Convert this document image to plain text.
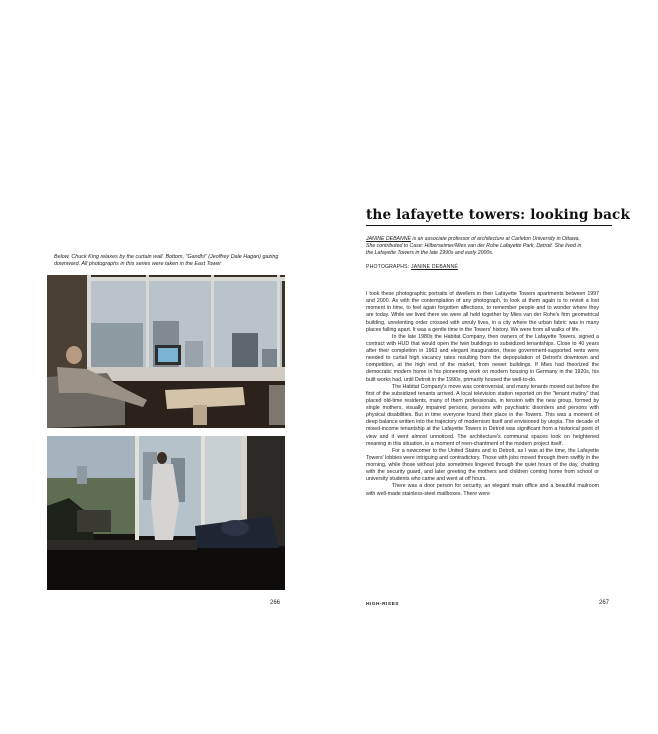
Below, Chuck King relaxes by the curtain wall. Bottom, "Gandhi" (Jeoffrey Dale Hagan) gazing downward. All photographs in this series were taken in the East Tower
266
the lafayette towers: looking back
JANINE DEBANNÉ is an associate professor of architecture at Carleton University in Ottawa. She contributed to Case: Hilberseimer/Mies van der Rohe Lafayette Park, Detroit. She lived in the Lafayette Towers in the late 1990s and early 2000s.
PHOTOGRAPHS: JANINE DEBANNÉ

I took these photographic portraits of dwellers in their Lafayette Towers apartments between 1997 and 2000. As with the contemplation of any photograph, to look at them again is to revisit a lost moment in time, to feel again forgotten affections, to remember people and to wonder where they are today. While we lived there we were all held together by Mies van der Rohe's firm geometrical building, unrelenting order crossed with unruly lives, in a city where the urban fabric was in many places falling apart. It was a gentle time in the Towers' history. We were from all walks of life.

In the late 1980s the Habitat Company, then owners of the Lafayette Towers, signed a contract with HUD that would open the twin buildings to subsidized tenantships. Close to 40 years after their completion in 1963 and elegant inauguration, these government-supported rents were needed to curtail high vacancy rates resulting from the depopulation of Detroit's downtown and competition, at the high end of the market, from newer buildings. If Mies had theorized the democratic modern home in his pioneering work on modern housing in Germany in the 1920s, his built works had, until Detroit in the 1990s, primarily housed the well-to-do.

The Habitat Company's move was controversial, and many tenants moved out before the first of the subsidized tenants arrived. A local television station reported on the "tenant mutiny" that placed old-time residents, many of them professionals, in tension with the new group, formed by single mothers, visually impaired persons, persons with psychiatric disorders and persons with physical disabilities. But in time everyone found their place in the Towers. This was a moment of deep balance written into the trajectory of modernism itself and envisioned by utopia. The decade of mixed-income tenantship at the Lafayette Towers in Detroit was significant from a historical point of view and it went almost unnoticed. The architecture's communal spaces took on heightened meaning in this situation, in a moment of reen-chantment of the modern project itself.

For a newcomer to the United States and to Detroit, as I was at the time, the Lafayette Towers' lobbies were intriguing and contradictory. Those with jobs moved through them swiftly in the morning, while those without jobs sometimes lingered through the quiet hours of the day, chatting with the security guard, and later greeting the mothers and children coming home from school or university students who came and went at off hours.

There was a door person for security, an elegant main office and a beautiful mailroom with well-made stainless-steel mailboxes. There were

HIGH-RISES	267
